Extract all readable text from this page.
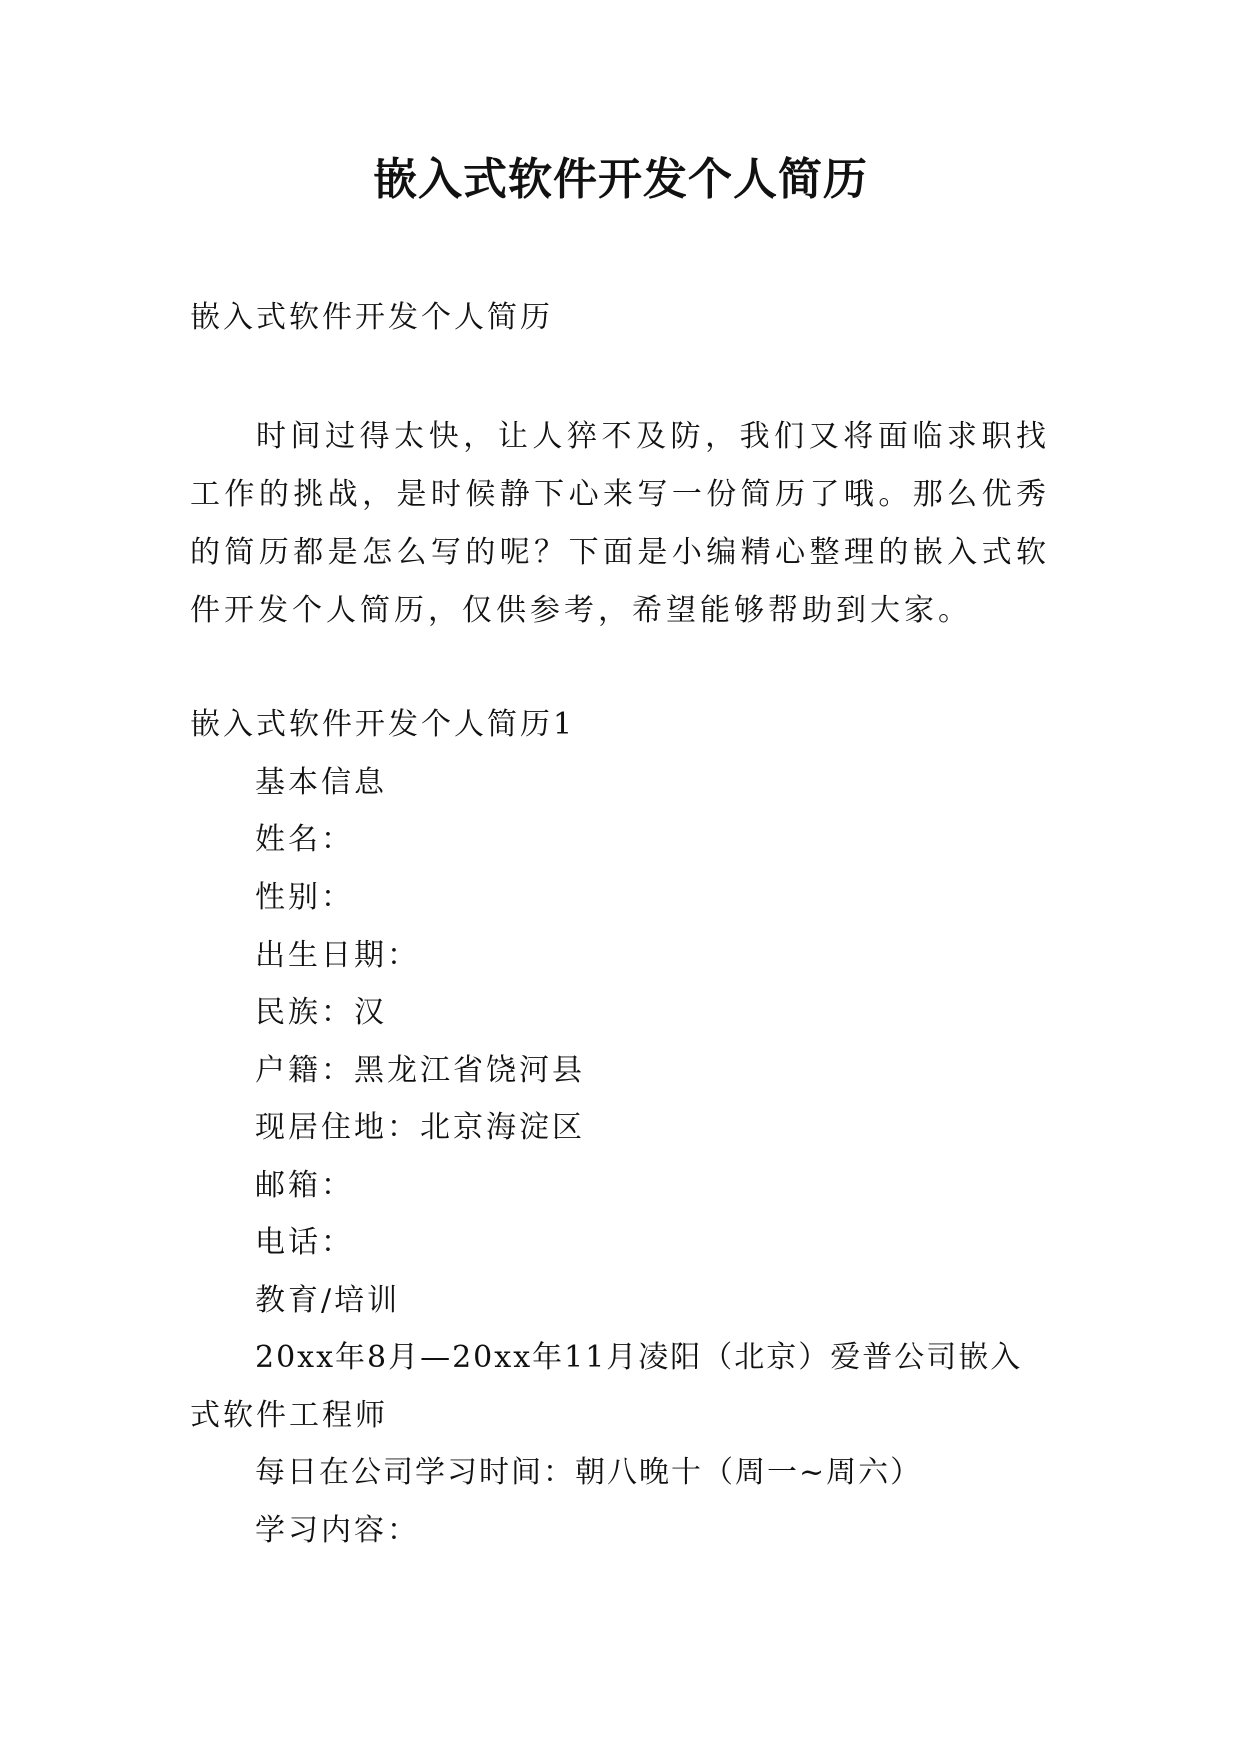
嵌入式软件开发个人简历

嵌入式软件开发个人简历

时间过得太快，让人猝不及防，我们又将面临求职找工作的挑战，是时候静下心来写一份简历了哦。那么优秀的简历都是怎么写的呢？下面是小编精心整理的嵌入式软件开发个人简历，仅供参考，希望能够帮助到大家。

嵌入式软件开发个人简历1

基本信息

姓名：

性别：

出生日期：

民族：汉

户籍：黑龙江省饶河县

现居住地：北京海淀区

邮箱：

电话：

教育/培训

20xx年8月—20xx年11月凌阳（北京）爱普公司嵌入

式软件工程师

每日在公司学习时间：朝八晚十（周一~周六）

学习内容：
